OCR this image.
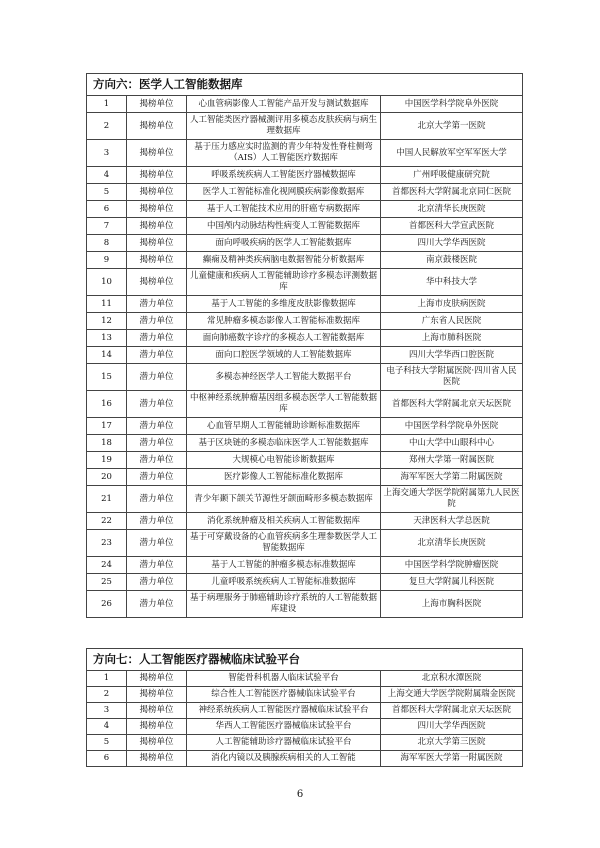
方向六：医学人工智能数据库			
1	揭榜单位	心血管病影像人工智能产品开发与测试数据库	中国医学科学院阜外医院
2	揭榜单位	人工智能类医疗器械测评用多模态皮肤疾病与病生理数据库	北京大学第一医院
3	揭榜单位	基于压力感应实时监测的青少年特发性脊柱侧弯（AIS）人工智能医疗数据库	中国人民解放军空军军医大学
4	揭榜单位	呼吸系统疾病人工智能医疗器械数据库	广州呼吸健康研究院
5	揭榜单位	医学人工智能标准化视网膜疾病影像数据库	首都医科大学附属北京同仁医院
6	揭榜单位	基于人工智能技术应用的肝癌专病数据库	北京清华长庚医院
7	揭榜单位	中国颅内动脉结构性病变人工智能数据库	首都医科大学宣武医院
8	揭榜单位	面向呼吸疾病的医学人工智能数据库	四川大学华西医院
9	揭榜单位	癫痫及精神类疾病脑电数据智能分析数据库	南京鼓楼医院
10	揭榜单位	儿童健康和疾病人工智能辅助诊疗多模态评测数据库	华中科技大学
11	潜力单位	基于人工智能的多维度皮肤影像数据库	上海市皮肤病医院
12	潜力单位	常见肿瘤多模态影像人工智能标准数据库	广东省人民医院
13	潜力单位	面向肺癌数字诊疗的多模态人工智能数据库	上海市肺科医院
14	潜力单位	面向口腔医学领域的人工智能数据库	四川大学华西口腔医院
15	潜力单位	多模态神经医学人工智能大数据平台	电子科技大学附属医院·四川省人民医院
16	潜力单位	中枢神经系统肿瘤基因组多模态医学人工智能数据库	首都医科大学附属北京天坛医院
17	潜力单位	心血管早期人工智能辅助诊断标准数据库	中国医学科学院阜外医院
18	潜力单位	基于区块链的多模态临床医学人工智能数据库	中山大学中山眼科中心
19	潜力单位	大规模心电智能诊断数据库	郑州大学第一附属医院
20	潜力单位	医疗影像人工智能标准化数据库	海军军医大学第二附属医院
21	潜力单位	青少年颞下颌关节源性牙颌面畸形多模态数据库	上海交通大学医学院附属第九人民医院
22	潜力单位	消化系统肿瘤及相关疾病人工智能数据库	天津医科大学总医院
23	潜力单位	基于可穿戴设备的心血管疾病多生理参数医学人工智能数据库	北京清华长庚医院
24	潜力单位	基于人工智能的肿瘤多模态标准数据库	中国医学科学院肿瘤医院
25	潜力单位	儿童呼吸系统疾病人工智能标准数据库	复旦大学附属儿科医院
26	潜力单位	基于病理服务于肺癌辅助诊疗系统的人工智能数据库建设	上海市胸科医院
方向七：人工智能医疗器械临床试验平台			
1	揭榜单位	智能骨科机器人临床试验平台	北京积水潭医院
2	揭榜单位	综合性人工智能医疗器械临床试验平台	上海交通大学医学院附属瑞金医院
3	揭榜单位	神经系统疾病人工智能医疗器械临床试验平台	首都医科大学附属北京天坛医院
4	揭榜单位	华西人工智能医疗器械临床试验平台	四川大学华西医院
5	揭榜单位	人工智能辅助诊疗器械临床试验平台	北京大学第三医院
6	揭榜单位	消化内镜以及胰腺疾病相关的人工智能	海军军医大学第一附属医院
6
